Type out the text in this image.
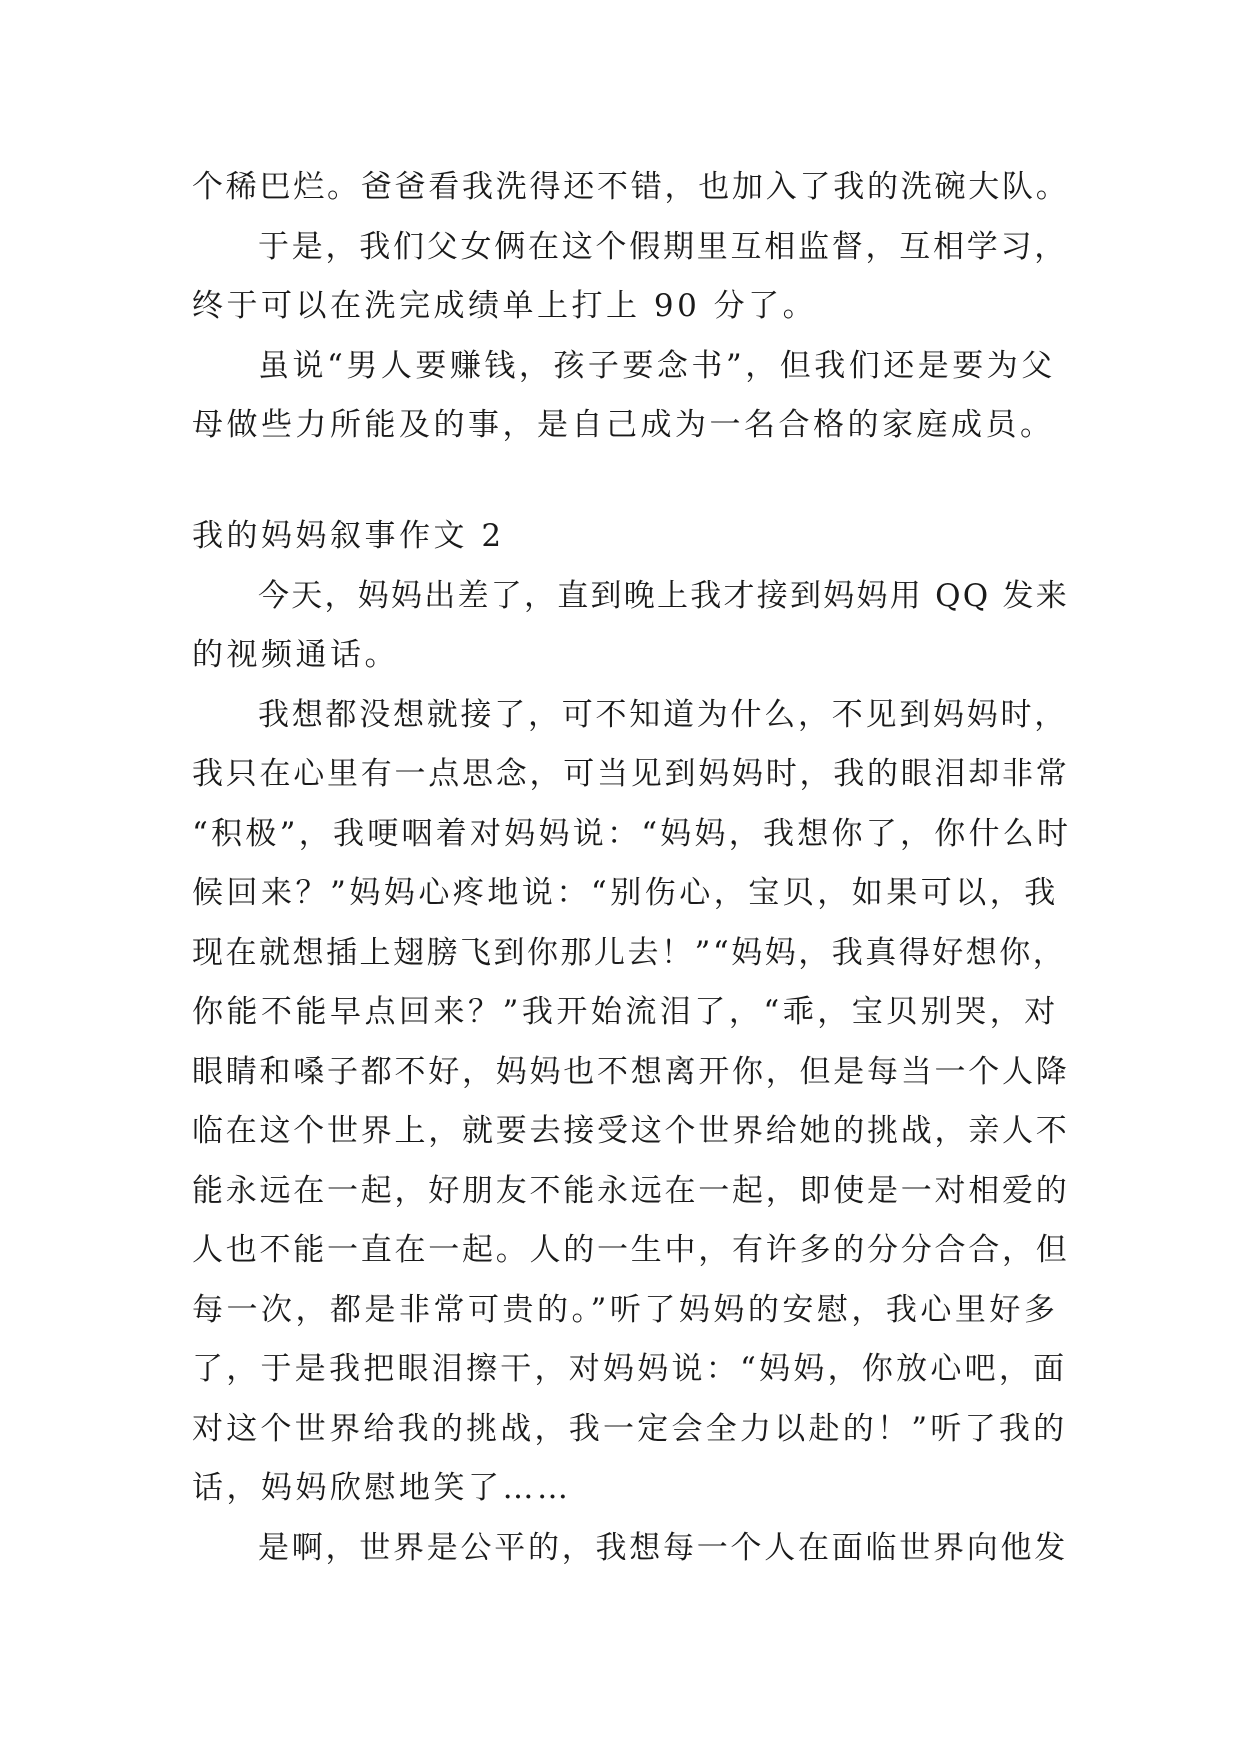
个稀巴烂。爸爸看我洗得还不错，也加入了我的洗碗大队。
于是，我们父女俩在这个假期里互相监督，互相学习，
终于可以在洗完成绩单上打上 90 分了。
虽说“男人要赚钱，孩子要念书”，但我们还是要为父
母做些力所能及的事，是自己成为一名合格的家庭成员。
我的妈妈叙事作文 2
今天，妈妈出差了，直到晚上我才接到妈妈用 QQ 发来
的视频通话。
我想都没想就接了，可不知道为什么，不见到妈妈时，
我只在心里有一点思念，可当见到妈妈时，我的眼泪却非常
“积极”，我哽咽着对妈妈说：“妈妈，我想你了，你什么时
候回来？”妈妈心疼地说：“别伤心，宝贝，如果可以，我
现在就想插上翅膀飞到你那儿去！”“妈妈，我真得好想你，
你能不能早点回来？”我开始流泪了，“乖，宝贝别哭，对
眼睛和嗓子都不好，妈妈也不想离开你，但是每当一个人降
临在这个世界上，就要去接受这个世界给她的挑战，亲人不
能永远在一起，好朋友不能永远在一起，即使是一对相爱的
人也不能一直在一起。人的一生中，有许多的分分合合，但
每一次，都是非常可贵的。”听了妈妈的安慰，我心里好多
了，于是我把眼泪擦干，对妈妈说：“妈妈，你放心吧，面
对这个世界给我的挑战，我一定会全力以赴的！”听了我的
话，妈妈欣慰地笑了……
是啊，世界是公平的，我想每一个人在面临世界向他发
